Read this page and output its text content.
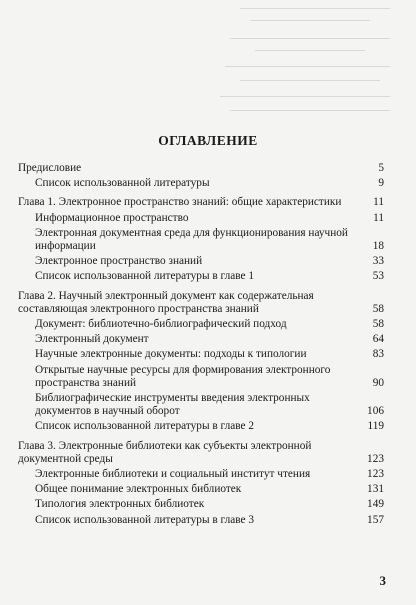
ОГЛАВЛЕНИЕ
Предисловие	5
Список использованной литературы	9
Глава 1. Электронное пространство знаний: общие характеристики	11
Информационное пространство	11
Электронная документная среда для функционирования научной информации	18
Электронное пространство знаний	33
Список использованной литературы в главе 1	53
Глава 2. Научный электронный документ как содержательная составляющая электронного пространства знаний	58
Документ: библиотечно-библиографический подход	58
Электронный документ	64
Научные электронные документы: подходы к типологии	83
Открытые научные ресурсы для формирования электронного пространства знаний	90
Библиографические инструменты введения электронных документов в научный оборот	106
Список использованной литературы в главе 2	119
Глава 3. Электронные библиотеки как субъекты электронной документной среды	123
Электронные библиотеки и социальный институт чтения	123
Общее понимание электронных библиотек	131
Типология электронных библиотек	149
Список использованной литературы в главе 3	157
3
